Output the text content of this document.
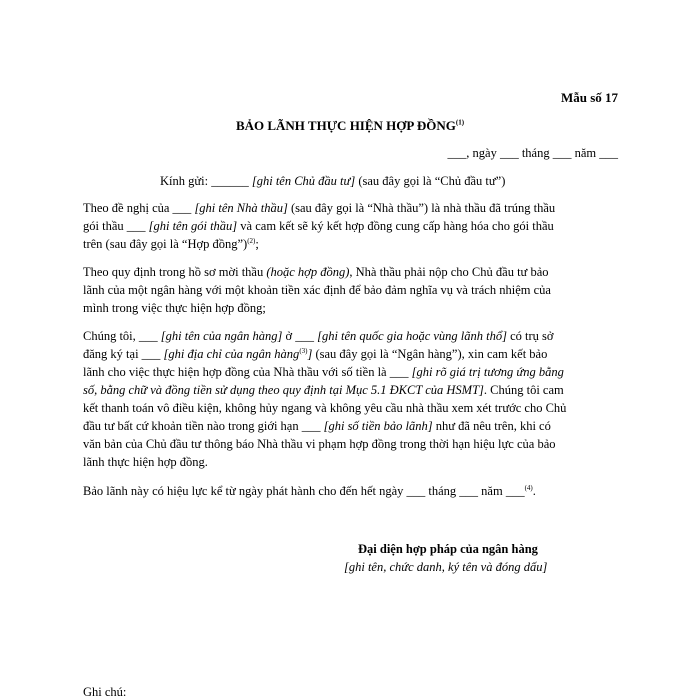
Mẫu số 17
BẢO LÃNH THỰC HIỆN HỢP ĐỒNG$^{(1)}$
___, ngày ___ tháng ___ năm ___
Kính gửi: ______ [ghi tên Chủ đầu tư] (sau đây gọi là “Chủ đầu tư”)
Theo đề nghị của ___ [ghi tên Nhà thầu] (sau đây gọi là “Nhà thầu”) là nhà thầu đã trúng thầu
gói thầu ___ [ghi tên gói thầu] và cam kết sẽ ký kết hợp đồng cung cấp hàng hóa cho gói thầu
trên (sau đây gọi là “Hợp đồng”)$^{(2)}$;
Theo quy định trong hồ sơ mời thầu (hoặc hợp đồng), Nhà thầu phải nộp cho Chủ đầu tư bảo
lãnh của một ngân hàng với một khoản tiền xác định để bảo đảm nghĩa vụ và trách nhiệm của
mình trong việc thực hiện hợp đồng;
Chúng tôi, ___ [ghi tên của ngân hàng] ở ___ [ghi tên quốc gia hoặc vùng lãnh thổ] có trụ sở
đăng ký tại ___ [ghi địa chỉ của ngân hàng$^{(3)}$] (sau đây gọi là “Ngân hàng”), xin cam kết bảo
lãnh cho việc thực hiện hợp đồng của Nhà thầu với số tiền là ___ [ghi rõ giá trị tương ứng bằng
số, bằng chữ và đồng tiền sử dụng theo quy định tại Mục 5.1 ĐKCT của HSMT]. Chúng tôi cam
kết thanh toán vô điều kiện, không hủy ngang và không yêu cầu nhà thầu xem xét trước cho Chủ
đầu tư bất cứ khoản tiền nào trong giới hạn ___ [ghi số tiền bảo lãnh] như đã nêu trên, khi có
văn bản của Chủ đầu tư thông báo Nhà thầu vi phạm hợp đồng trong thời hạn hiệu lực của bảo
lãnh thực hiện hợp đồng.
Bảo lãnh này có hiệu lực kể từ ngày phát hành cho đến hết ngày ___ tháng ___ năm ___$^{(4)}$.
Đại diện hợp pháp của ngân hàng
[ghi tên, chức danh, ký tên và đóng dấu]
Ghi chú:
